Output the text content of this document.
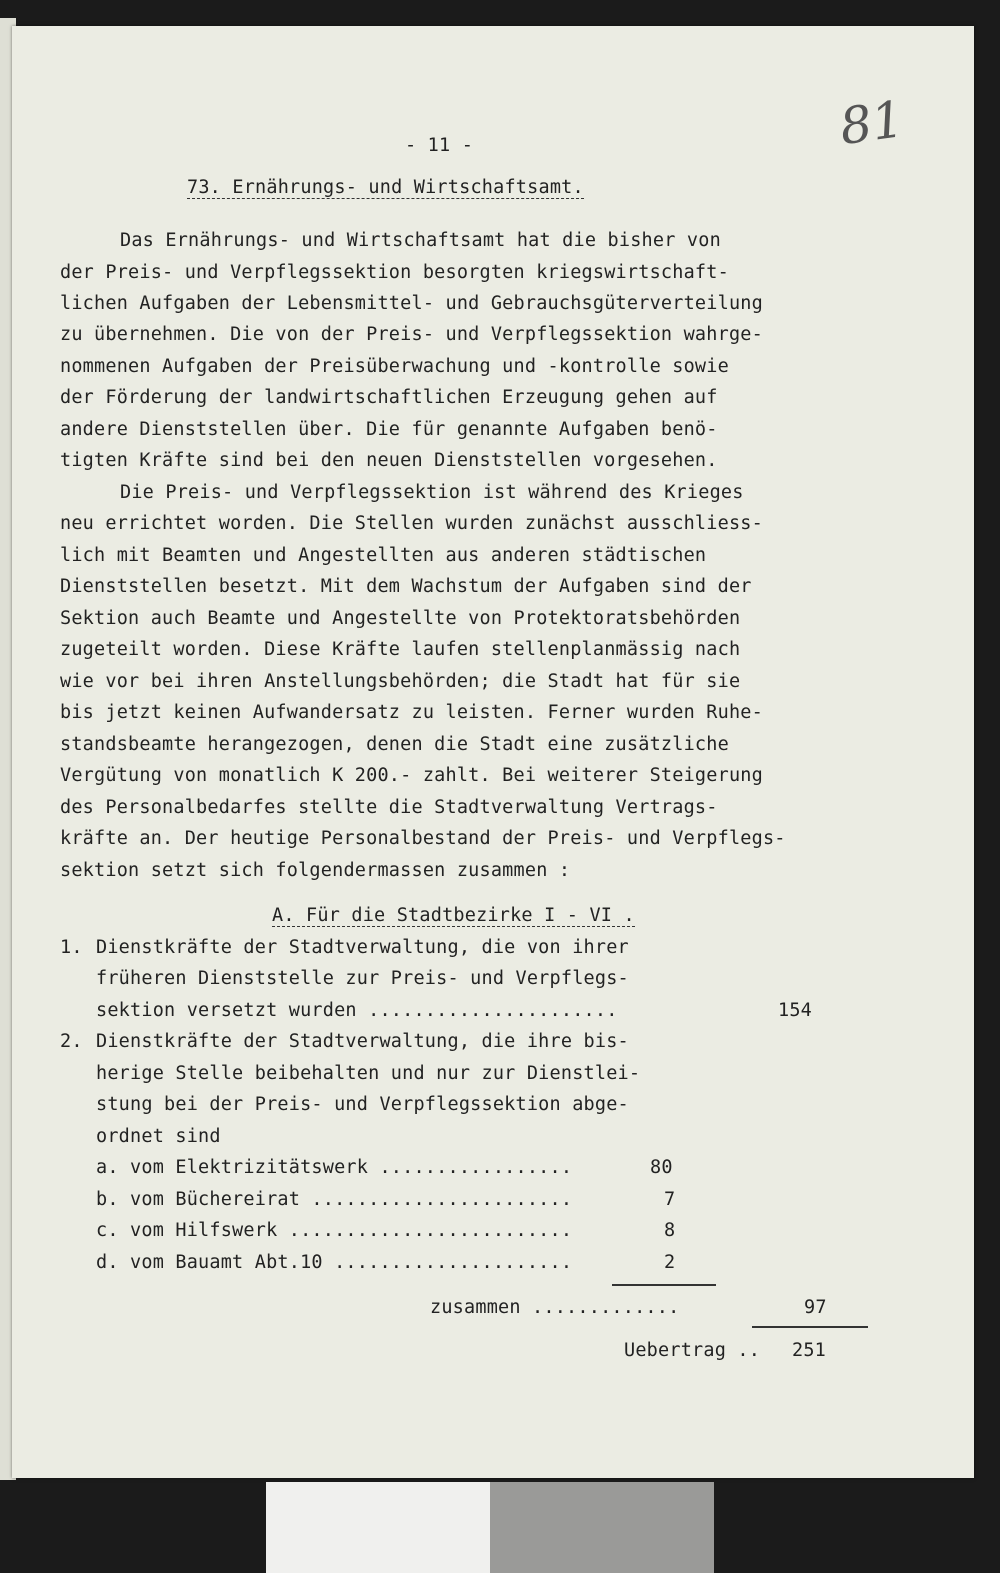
81
- 11 -
73. Ernährungs- und Wirtschaftsamt.
Das Ernährungs- und Wirtschaftsamt hat die bisher von
der Preis- und Verpflegssektion besorgten kriegswirtschaft-
lichen Aufgaben der Lebensmittel- und Gebrauchsgüterverteilung
zu übernehmen. Die von der Preis- und Verpflegssektion wahrge-
nommenen Aufgaben der Preisüberwachung und -kontrolle sowie
der Förderung der landwirtschaftlichen Erzeugung gehen auf
andere Dienststellen über. Die für genannte Aufgaben benö-
tigten Kräfte sind bei den neuen Dienststellen vorgesehen.
Die Preis- und Verpflegssektion ist während des Krieges
neu errichtet worden. Die Stellen wurden zunächst ausschliess-
lich mit Beamten und Angestellten aus anderen städtischen
Dienststellen besetzt. Mit dem Wachstum der Aufgaben sind der
Sektion auch Beamte und Angestellte von Protektoratsbehörden
zugeteilt worden. Diese Kräfte laufen stellenplanmässig nach
wie vor bei ihren Anstellungsbehörden; die Stadt hat für sie
bis jetzt keinen Aufwandersatz zu leisten. Ferner wurden Ruhe-
standsbeamte herangezogen, denen die Stadt eine zusätzliche
Vergütung von monatlich K 200.- zahlt. Bei weiterer Steigerung
des Personalbedarfes stellte die Stadtverwaltung Vertrags-
kräfte an. Der heutige Personalbestand der Preis- und Verpflegs-
sektion setzt sich folgendermassen zusammen :
A. Für die Stadtbezirke I - VI .
1. Dienstkräfte der Stadtverwaltung, die von ihrer
früheren Dienststelle zur Preis- und Verpflegs-
sektion versetzt wurden ......................	154
2. Dienstkräfte der Stadtverwaltung, die ihre bis-
herige Stelle beibehalten und nur zur Dienstlei-
stung bei der Preis- und Verpflegssektion abge-
ordnet sind
a. vom Elektrizitätswerk .................	80
b. vom Büchereirat .......................	7
c. vom Hilfswerk .........................	8
d. vom Bauamt Abt.10 .....................	2
zusammen .............	97
Uebertrag .. 251
